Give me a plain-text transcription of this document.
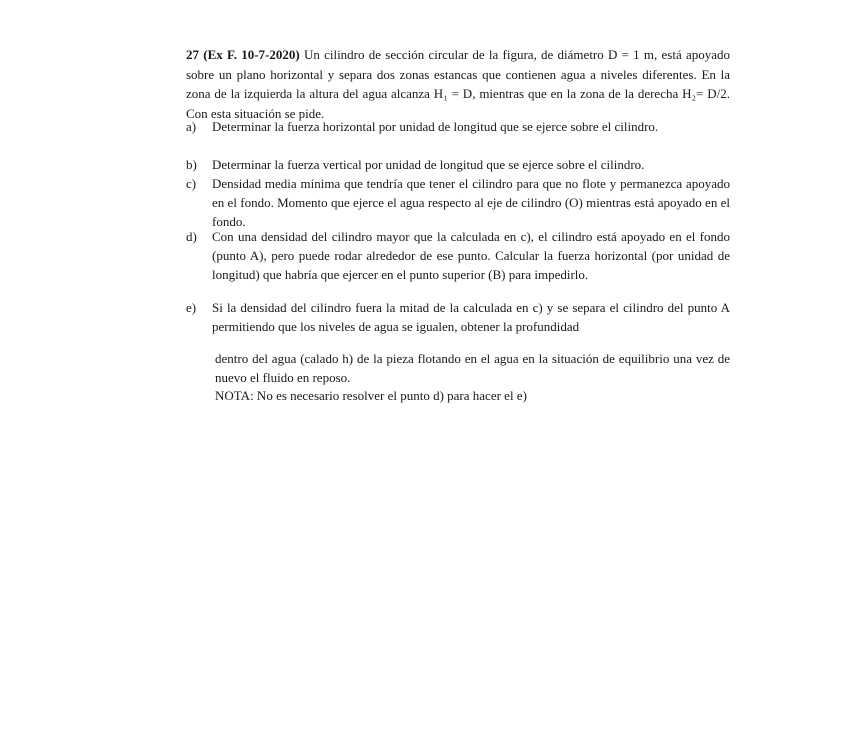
27 (Ex F. 10-7-2020) Un cilindro de sección circular de la figura, de diámetro D = 1 m, está apoyado sobre un plano horizontal y separa dos zonas estancas que contienen agua a niveles diferentes. En la zona de la izquierda la altura del agua alcanza H₁ = D, mientras que en la zona de la derecha H₂= D/2. Con esta situación se pide.
a)	Determinar la fuerza horizontal por unidad de longitud que se ejerce sobre el cilindro.
b)	Determinar la fuerza vertical por unidad de longitud que se ejerce sobre el cilindro.
c)	Densidad media mínima que tendría que tener el cilindro para que no flote y permanezca apoyado en el fondo. Momento que ejerce el agua respecto al eje de cilindro (O) mientras está apoyado en el fondo.
d)	Con una densidad del cilindro mayor que la calculada en c), el cilindro está apoyado en el fondo (punto A), pero puede rodar alrededor de ese punto. Calcular la fuerza horizontal (por unidad de longitud) que habría que ejercer en el punto superior (B) para impedirlo.
e)	Si la densidad del cilindro fuera la mitad de la calculada en c) y se separa el cilindro del punto A permitiendo que los niveles de agua se igualen, obtener la profundidad
dentro del agua (calado h) de la pieza flotando en el agua en la situación de equilibrio una vez de nuevo el fluido en reposo.
NOTA: No es necesario resolver el punto d) para hacer el e)
